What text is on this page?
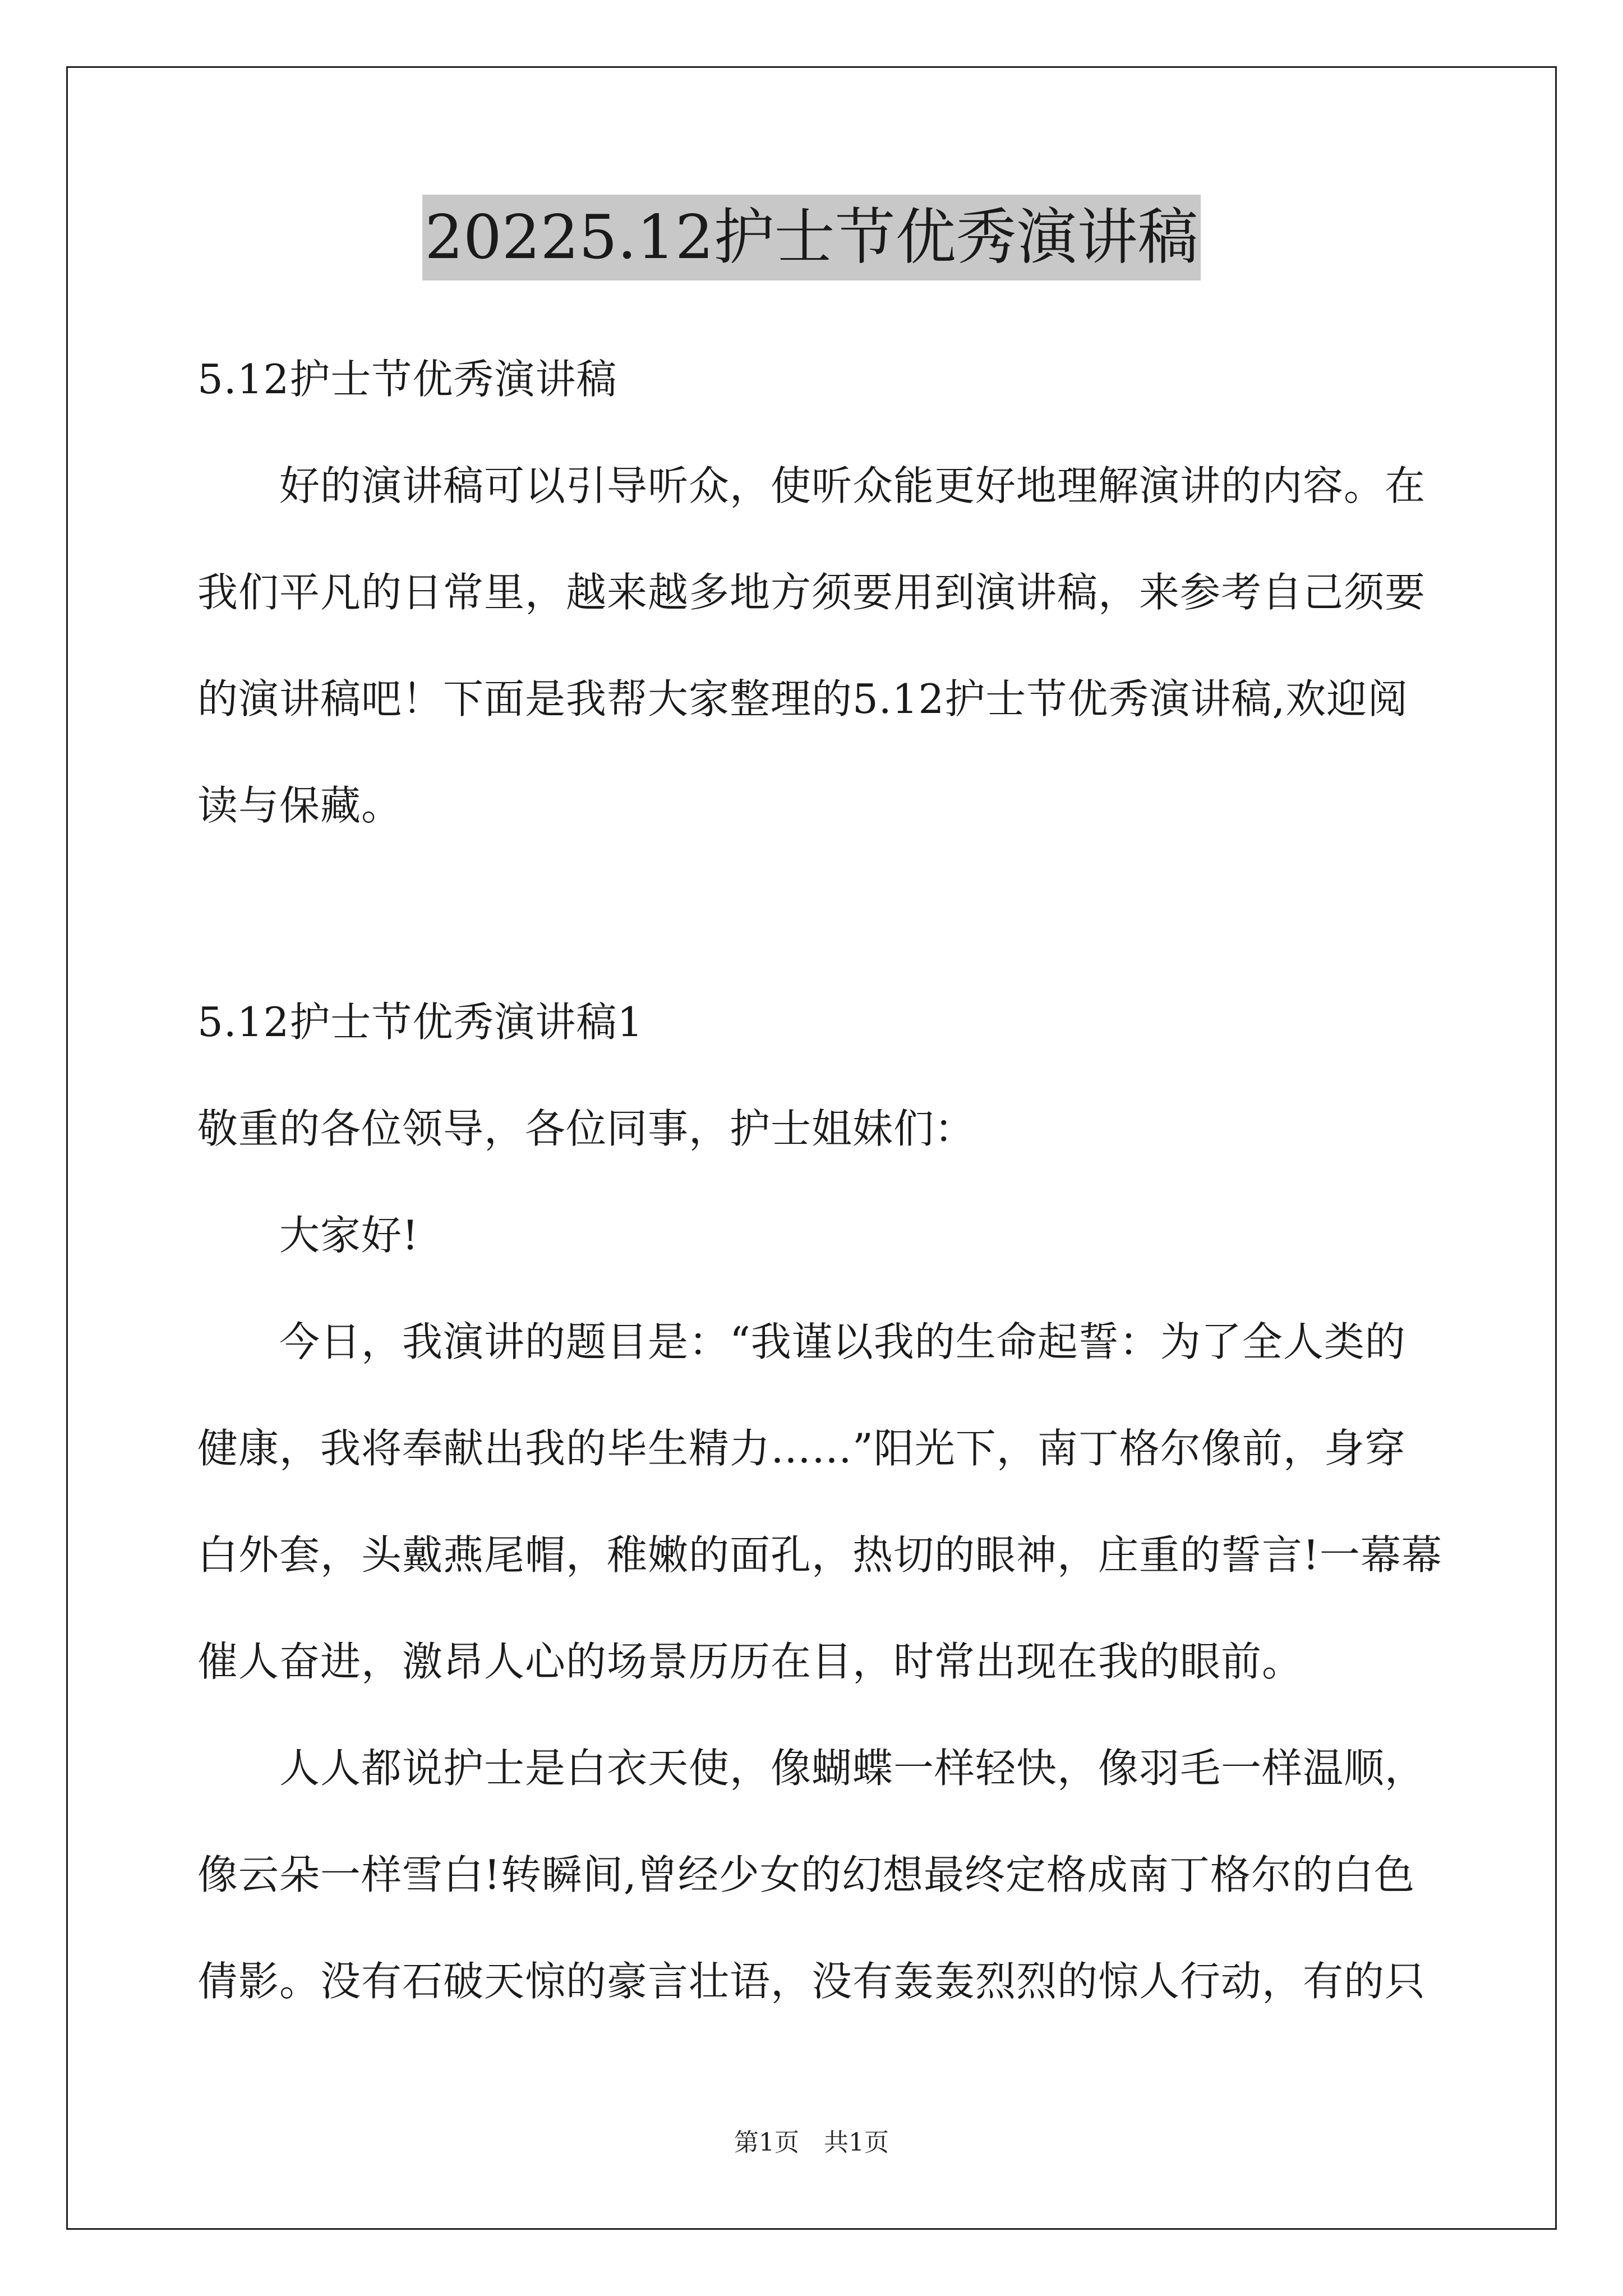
20225.12护士节优秀演讲稿

5.12护士节优秀演讲稿

　　好的演讲稿可以引导听众，使听众能更好地理解演讲的内容。在

我们平凡的日常里，越来越多地方须要用到演讲稿，来参考自己须要

的演讲稿吧！下面是我帮大家整理的5.12护士节优秀演讲稿,欢迎阅

读与保藏。

5.12护士节优秀演讲稿1

敬重的各位领导，各位同事，护士姐妹们：

　　大家好!

　　今日，我演讲的题目是：“我谨以我的生命起誓：为了全人类的

健康，我将奉献出我的毕生精力……”阳光下，南丁格尔像前，身穿

白外套，头戴燕尾帽，稚嫩的面孔，热切的眼神，庄重的誓言!一幕幕

催人奋进，激昂人心的场景历历在目，时常出现在我的眼前。

　　人人都说护士是白衣天使，像蝴蝶一样轻快，像羽毛一样温顺，

像云朵一样雪白!转瞬间,曾经少女的幻想最终定格成南丁格尔的白色

倩影。没有石破天惊的豪言壮语，没有轰轰烈烈的惊人行动，有的只

第1页　共1页
